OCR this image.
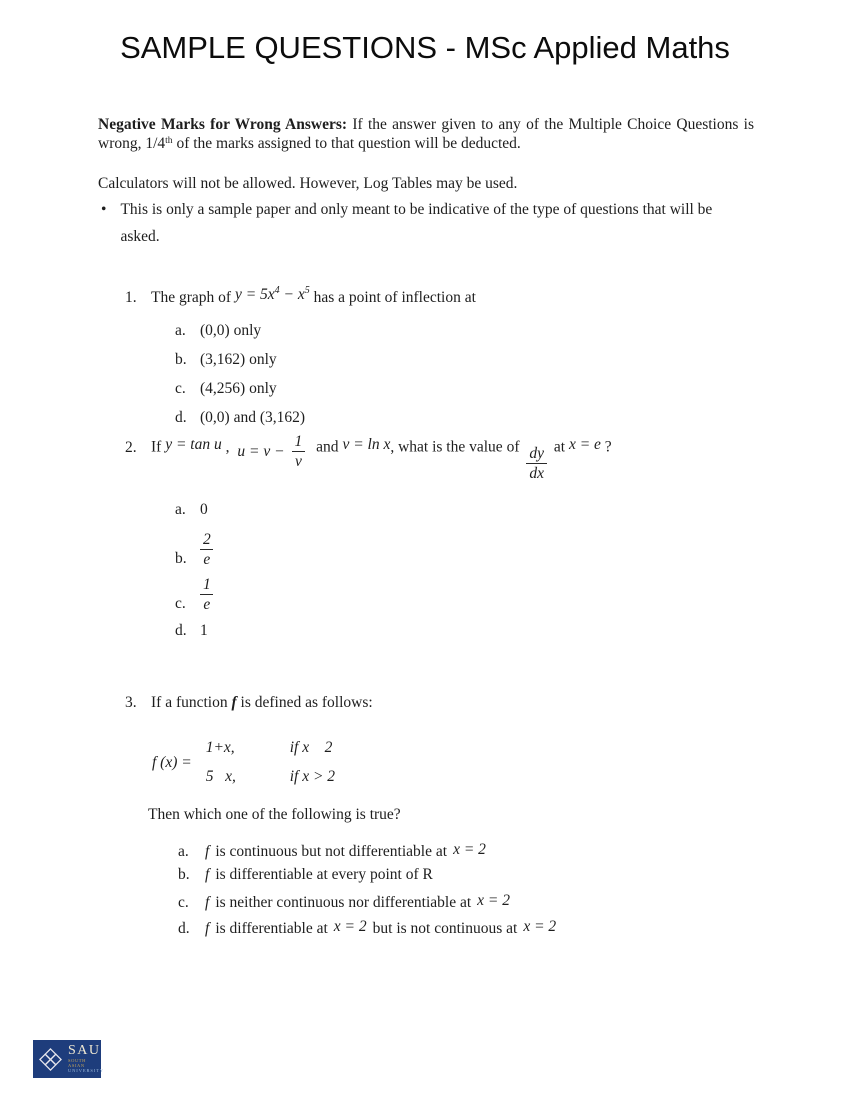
SAMPLE QUESTIONS - MSc Applied Maths

Negative Marks for Wrong Answers: If the answer given to any of the Multiple Choice Questions is wrong, 1/4th of the marks assigned to that question will be deducted.

Calculators will not be allowed. However, Log Tables may be used.

• This is only a sample paper and only meant to be indicative of the type of questions that will be asked.
1. The graph of $y = 5x^4 - x^5$ has a point of inflection at
a. (0,0) only
b. (3,162) only
c. (4,256) only
d. (0,0) and (3,162)
2. If y = tan u , $u = v - \frac{1}{v}$ and v = ln x, what is the value of $\frac{dy}{dx}$ at x = e ?
a. 0
b. $\frac{2}{e}$
c. $\frac{1}{e}$
d. 1
3. If a function f is defined as follows:
f (x) =
1+x,	if x    2
5   x,	if x > 2
Then which one of the following is true?
a.	f is continuous but not differentiable at x = 2
b. f is differentiable at every point of R
c.	f is neither continuous nor differentiable at x = 2
d. f is differentiable at x = 2 but is not continuous at x = 2
SAU
SOUTH ASIAN
UNIVERSITY
